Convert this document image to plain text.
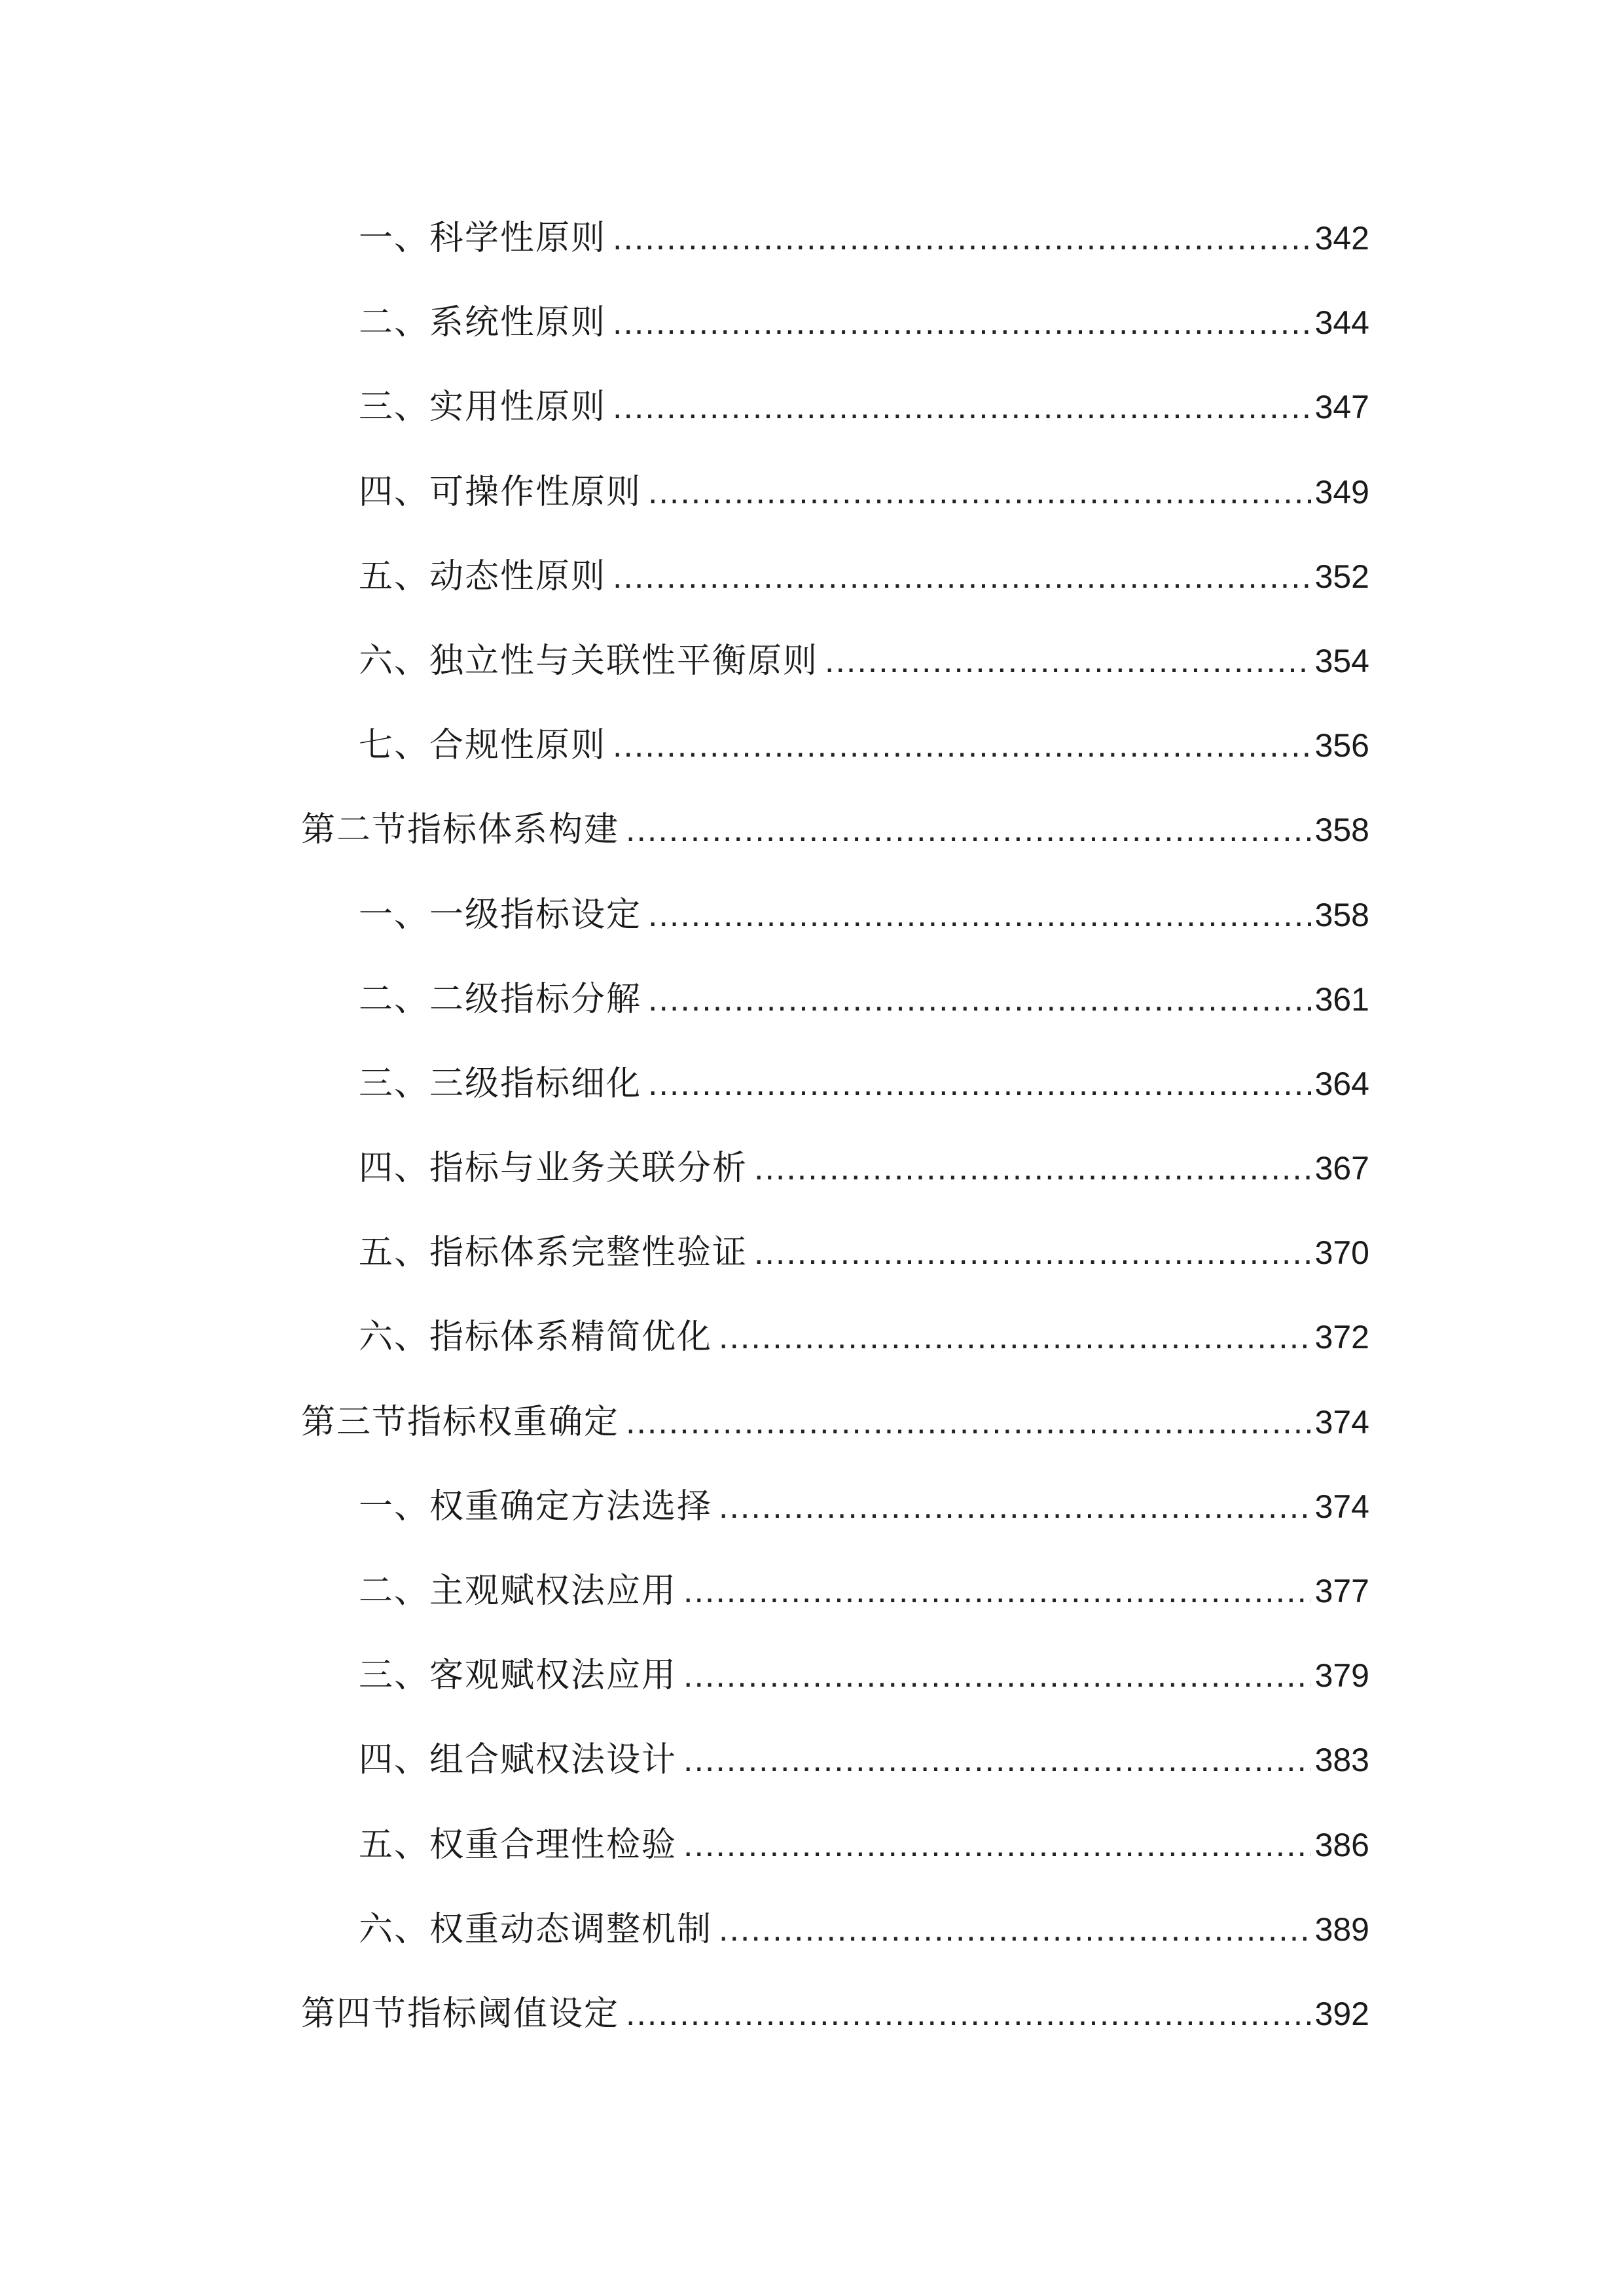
一、科学性原则 .....	342
二、系统性原则 .....	344
三、实用性原则 .....	347
四、可操作性原则 .....	349
五、动态性原则 .....	352
六、独立性与关联性平衡原则 .....	354
七、合规性原则 .....	356
第二节指标体系构建 .....	358
一、一级指标设定 .....	358
二、二级指标分解 .....	361
三、三级指标细化 .....	364
四、指标与业务关联分析 .....	367
五、指标体系完整性验证 .....	370
六、指标体系精简优化 .....	372
第三节指标权重确定 .....	374
一、权重确定方法选择 .....	374
二、主观赋权法应用 .....	377
三、客观赋权法应用 .....	379
四、组合赋权法设计 .....	383
五、权重合理性检验 .....	386
六、权重动态调整机制 .....	389
第四节指标阈值设定 .....	392
